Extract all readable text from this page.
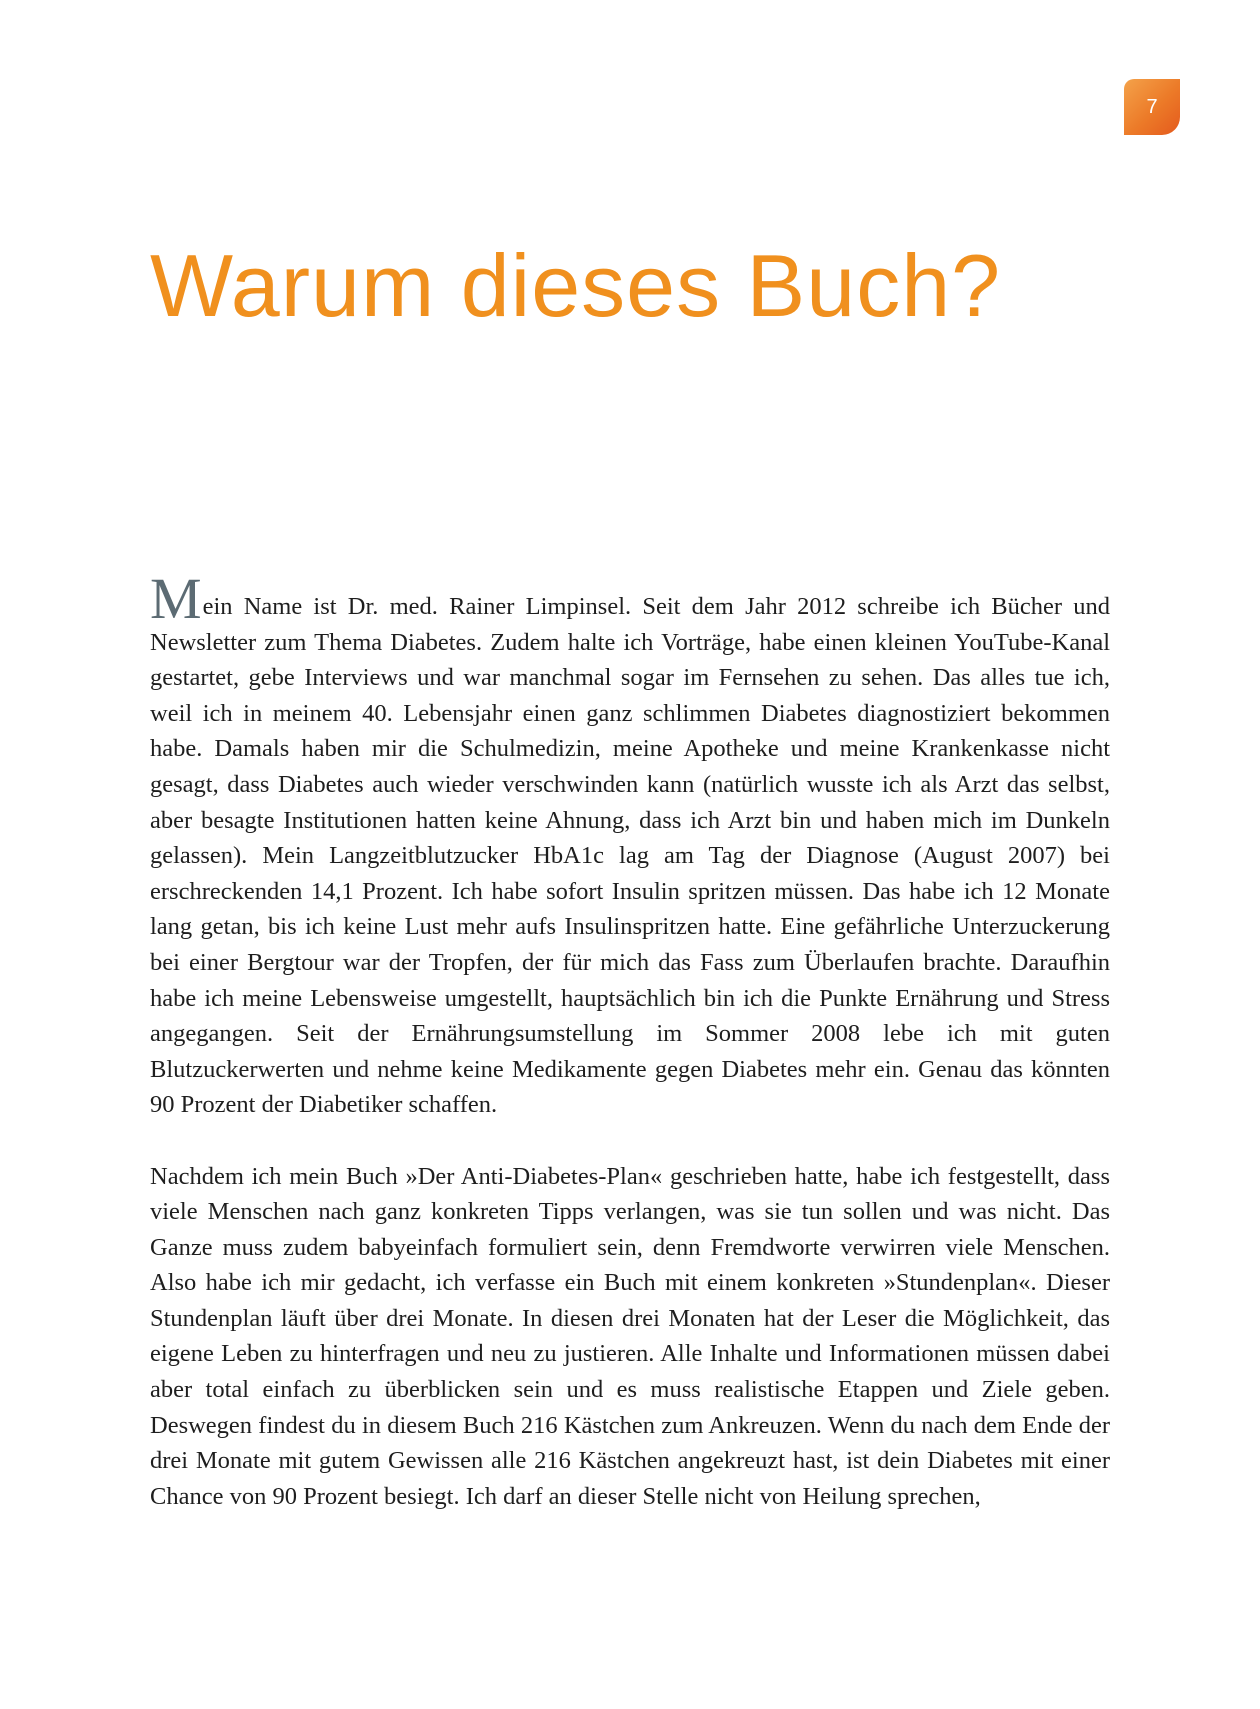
7
Warum dieses Buch?

Mein Name ist Dr. med. Rainer Limpinsel. Seit dem Jahr 2012 schreibe ich Bücher und Newsletter zum Thema Diabetes. Zudem halte ich Vorträge, habe einen kleinen YouTube-Kanal gestartet, gebe Interviews und war manchmal sogar im Fernsehen zu sehen. Das alles tue ich, weil ich in meinem 40. Lebensjahr einen ganz schlimmen Diabetes diagnostiziert bekommen habe. Damals haben mir die Schulmedizin, meine Apotheke und meine Krankenkasse nicht gesagt, dass Diabetes auch wieder verschwinden kann (natürlich wusste ich als Arzt das selbst, aber besagte Institutionen hatten keine Ahnung, dass ich Arzt bin und haben mich im Dunkeln gelassen). Mein Langzeitblutzucker HbA1c lag am Tag der Diagnose (August 2007) bei erschreckenden 14,1 Prozent. Ich habe sofort Insulin spritzen müssen. Das habe ich 12 Monate lang getan, bis ich keine Lust mehr aufs Insulinspritzen hatte. Eine gefährliche Unterzuckerung bei einer Bergtour war der Tropfen, der für mich das Fass zum Überlaufen brachte. Daraufhin habe ich meine Lebensweise umgestellt, hauptsächlich bin ich die Punkte Ernährung und Stress angegangen. Seit der Ernährungsumstellung im Sommer 2008 lebe ich mit guten Blutzuckerwerten und nehme keine Medikamente gegen Diabetes mehr ein. Genau das könnten 90 Prozent der Diabetiker schaffen.

Nachdem ich mein Buch »Der Anti-Diabetes-Plan« geschrieben hatte, habe ich festgestellt, dass viele Menschen nach ganz konkreten Tipps verlangen, was sie tun sollen und was nicht. Das Ganze muss zudem babyeinfach formuliert sein, denn Fremdworte verwirren viele Menschen. Also habe ich mir gedacht, ich verfasse ein Buch mit einem konkreten »Stundenplan«. Dieser Stundenplan läuft über drei Monate. In diesen drei Monaten hat der Leser die Möglichkeit, das eigene Leben zu hinterfragen und neu zu justieren. Alle Inhalte und Informationen müssen dabei aber total einfach zu überblicken sein und es muss realistische Etappen und Ziele geben. Deswegen findest du in diesem Buch 216 Kästchen zum Ankreuzen. Wenn du nach dem Ende der drei Monate mit gutem Gewissen alle 216 Kästchen angekreuzt hast, ist dein Diabetes mit einer Chance von 90 Prozent besiegt. Ich darf an dieser Stelle nicht von Heilung sprechen,
